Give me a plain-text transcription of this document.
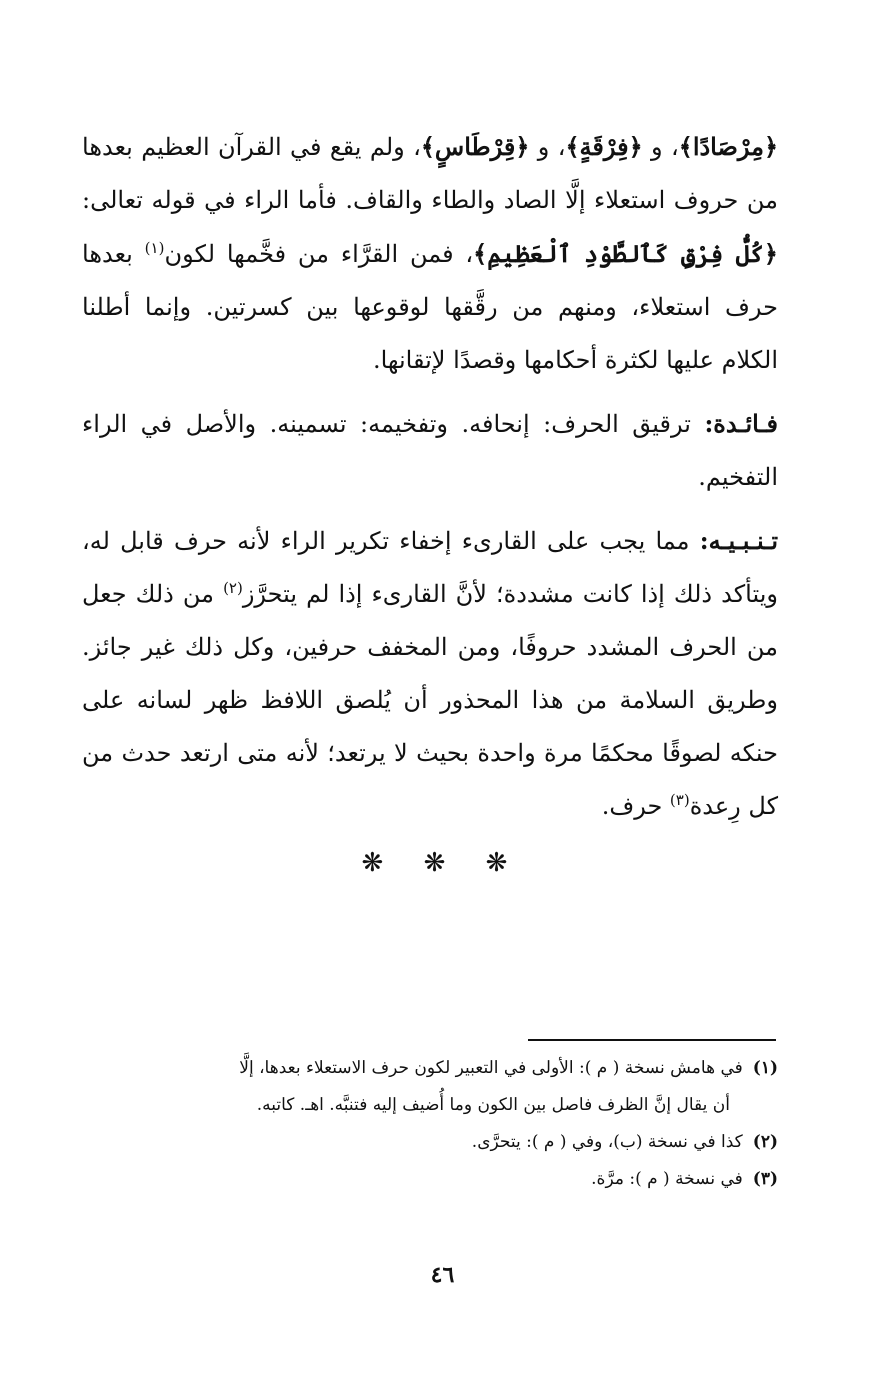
﴿مِرْصَادًا﴾، و ﴿فِرْقَةٍ﴾، و ﴿قِرْطَاسٍ﴾، ولم يقع في القرآن العظيم بعدها من حروف استعلاء إلَّا الصاد والطاء والقاف. فأما الراء في قوله تعالى: ﴿كُلُّ فِرْقٍ كَٱلطَّوْدِ ٱلْعَظِيمِ﴾، فمن القرَّاء من فخَّمها لكون$^{(١)}$ بعدها حرف استعلاء، ومنهم من رقَّقها لوقوعها بين كسرتين. وإنما أطلنا الكلام عليها لكثرة أحكامها وقصدًا لإتقانها.

فـائـدة: ترقيق الحرف: إنحافه. وتفخيمه: تسمينه. والأصل في الراء التفخيم.

تـنـبـيـه: مما يجب على القارىء إخفاء تكرير الراء لأنه حرف قابل له، ويتأكد ذلك إذا كانت مشددة؛ لأنَّ القارىء إذا لم يتحرَّز$^{(٢)}$ من ذلك جعل من الحرف المشدد حروفًا، ومن المخفف حرفين، وكل ذلك غير جائز. وطريق السلامة من هذا المحذور أن يُلصق اللافظ ظهر لسانه على حنكه لصوقًا محكمًا مرة واحدة بحيث لا يرتعد؛ لأنه متى ارتعد حدث من كل رِعدة$^{(٣)}$ حرف.

❋ ❋ ❋

(١)في هامش نسخة ( م ): الأولى في التعبير لكون حرف الاستعلاء بعدها، إلَّا

أن يقال إنَّ الظرف فاصل بين الكون وما أُضيف إليه فتنبَّه. اهـ. كاتبه.

(٢)كذا في نسخة (ب)، وفي ( م ): يتحرَّى.

(٣)في نسخة ( م ): مرَّة.

٤٦
